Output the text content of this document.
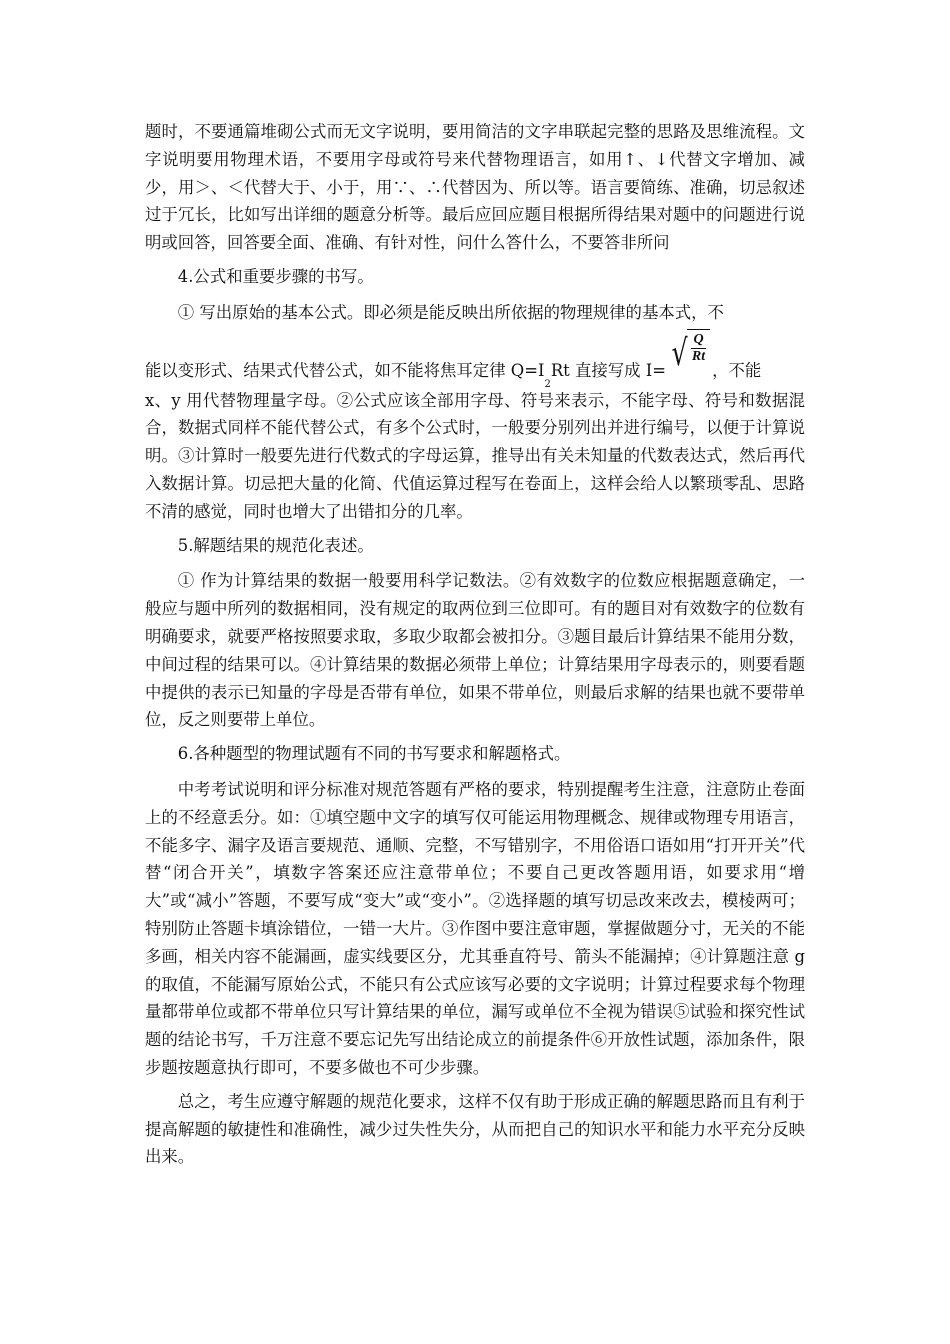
题时，不要通篇堆砌公式而无文字说明，要用简洁的文字串联起完整的思路及思维流程。文字说明要用物理术语，不要用字母或符号来代替物理语言，如用↑、↓代替文字增加、减少，用＞、＜代替大于、小于，用∵、∴代替因为、所以等。语言要简练、准确，切忌叙述过于冗长，比如写出详细的题意分析等。最后应回应题目根据所得结果对题中的问题进行说明或回答，回答要全面、准确、有针对性，问什么答什么，不要答非所问

4.公式和重要步骤的书写。

① 写出原始的基本公式。即必须是能反映出所依据的物理规律的基本式，不

能以变形式、结果式代替公式，如不能将焦耳定律 Q=I
2
Rt 直接写成 I= √ $\frac{Q}{Rt}$ ，不能

x、y 用代替物理量字母。②公式应该全部用字母、符号来表示，不能字母、符号和数据混合，数据式同样不能代替公式，有多个公式时，一般要分别列出并进行编号，以便于计算说明。③计算时一般要先进行代数式的字母运算，推导出有关未知量的代数表达式，然后再代入数据计算。切忌把大量的化简、代值运算过程写在卷面上，这样会给人以繁琐零乱、思路不清的感觉，同时也增大了出错扣分的几率。

5.解题结果的规范化表述。

① 作为计算结果的数据一般要用科学记数法。②有效数字的位数应根据题意确定，一般应与题中所列的数据相同，没有规定的取两位到三位即可。有的题目对有效数字的位数有明确要求，就要严格按照要求取，多取少取都会被扣分。③题目最后计算结果不能用分数，中间过程的结果可以。④计算结果的数据必须带上单位；计算结果用字母表示的，则要看题中提供的表示已知量的字母是否带有单位，如果不带单位，则最后求解的结果也就不要带单位，反之则要带上单位。

6.各种题型的物理试题有不同的书写要求和解题格式。

中考考试说明和评分标准对规范答题有严格的要求，特别提醒考生注意，注意防止卷面上的不经意丢分。如：①填空题中文字的填写仅可能运用物理概念、规律或物理专用语言，不能多字、漏字及语言要规范、通顺、完整，不写错别字，不用俗语口语如用“打开开关”代替“闭合开关”，填数字答案还应注意带单位；不要自己更改答题用语，如要求用“增大”或“减小”答题，不要写成“变大”或“变小”。②选择题的填写切忌改来改去，模棱两可；特别防止答题卡填涂错位，一错一大片。③作图中要注意审题，掌握做题分寸，无关的不能多画，相关内容不能漏画，虚实线要区分，尤其垂直符号、箭头不能漏掉；④计算题注意 g 的取值，不能漏写原始公式，不能只有公式应该写必要的文字说明；计算过程要求每个物理量都带单位或都不带单位只写计算结果的单位，漏写或单位不全视为错误⑤试验和探究性试题的结论书写，千万注意不要忘记先写出结论成立的前提条件⑥开放性试题，添加条件，限步题按题意执行即可，不要多做也不可少步骤。

总之，考生应遵守解题的规范化要求，这样不仅有助于形成正确的解题思路而且有利于提高解题的敏捷性和准确性，减少过失性失分，从而把自己的知识水平和能力水平充分反映出来。
